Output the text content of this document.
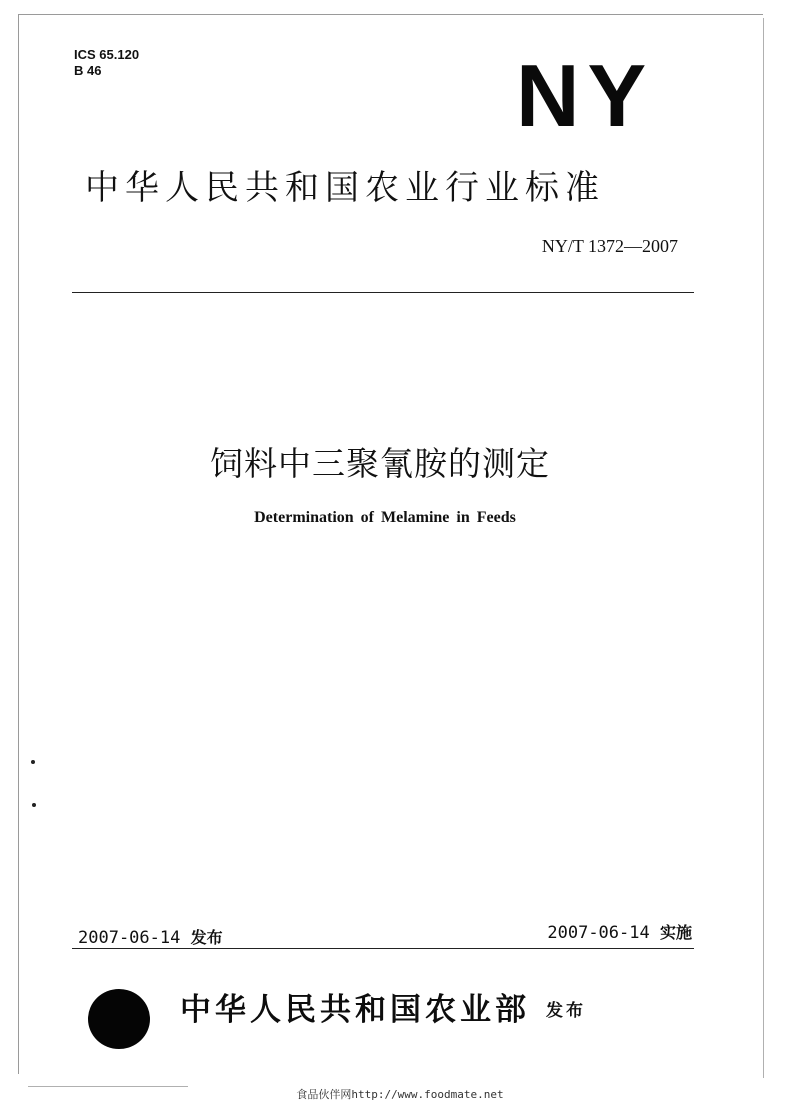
ICS 65.120
B 46	NY
中华人民共和国农业行业标准
NY/T 1372—2007
饲料中三聚氰胺的测定
Determination of Melamine in Feeds
2007-06-14 发布	2007-06-14 实施
中华人民共和国农业部 发布
食品伙伴网http://www.foodmate.net
